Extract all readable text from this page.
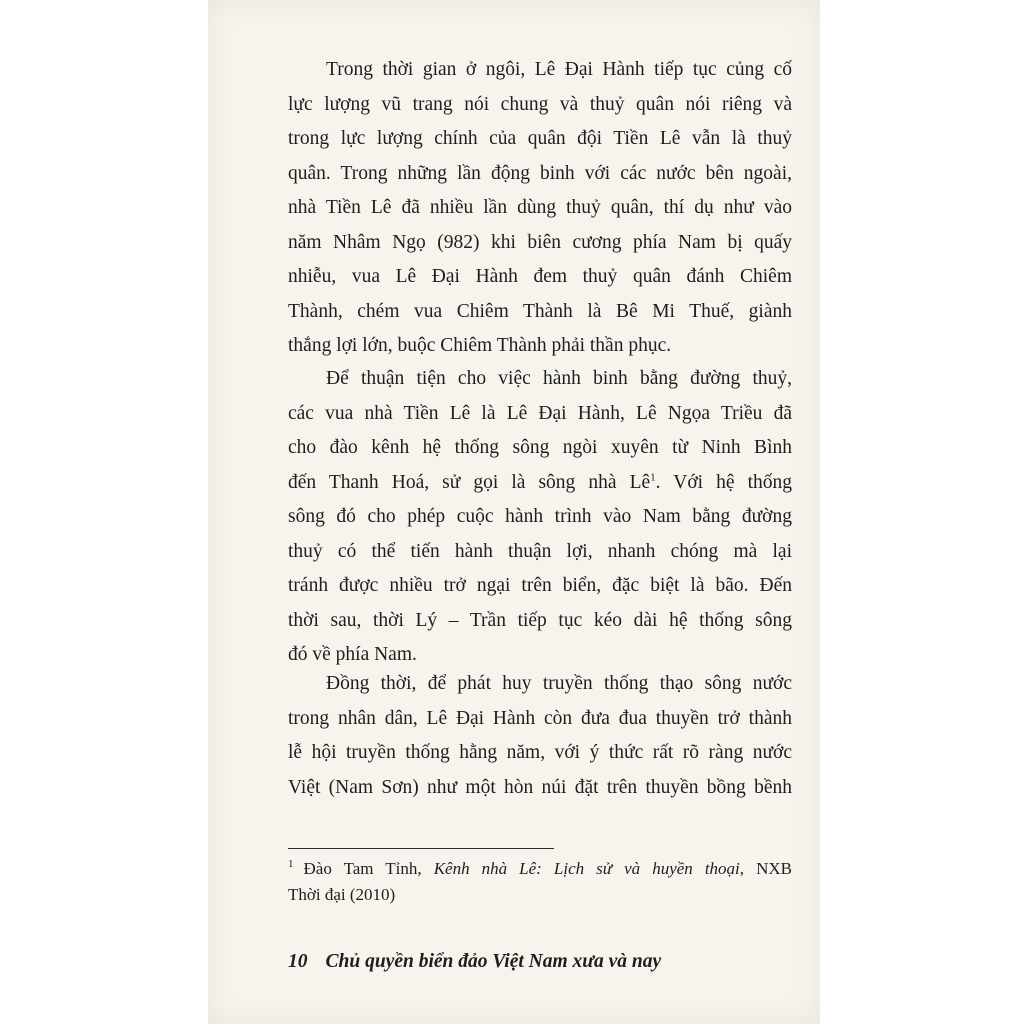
Trong thời gian ở ngôi, Lê Đại Hành tiếp tục củng cố
lực lượng vũ trang nói chung và thuỷ quân nói riêng và
trong lực lượng chính của quân đội Tiền Lê vẫn là thuỷ
quân. Trong những lần động binh với các nước bên ngoài,
nhà Tiền Lê đã nhiều lần dùng thuỷ quân, thí dụ như vào
năm Nhâm Ngọ (982) khi biên cương phía Nam bị quấy
nhiễu, vua Lê Đại Hành đem thuỷ quân đánh Chiêm
Thành, chém vua Chiêm Thành là Bê Mi Thuế, giành
thắng lợi lớn, buộc Chiêm Thành phải thần phục.
Để thuận tiện cho việc hành binh bằng đường thuỷ,
các vua nhà Tiền Lê là Lê Đại Hành, Lê Ngọa Triều đã
cho đào kênh hệ thống sông ngòi xuyên từ Ninh Bình
đến Thanh Hoá, sử gọi là sông nhà $Lê^1$. Với hệ thống
sông đó cho phép cuộc hành trình vào Nam bằng đường
thuỷ có thể tiến hành thuận lợi, nhanh chóng mà lại
tránh được nhiều trở ngại trên biển, đặc biệt là bão. Đến
thời sau, thời Lý – Trần tiếp tục kéo dài hệ thống sông
đó về phía Nam.
Đồng thời, để phát huy truyền thống thạo sông nước
trong nhân dân, Lê Đại Hành còn đưa đua thuyền trở thành
lễ hội truyền thống hằng năm, với ý thức rất rõ ràng nước
Việt (Nam Sơn) như một hòn núi đặt trên thuyền bồng bềnh
$^1$ Đào Tam Tỉnh, Kênh nhà Lê: Lịch sử và huyền thoại, NXB
Thời đại (2010)
10 Chủ quyền biển đảo Việt Nam xưa và nay
